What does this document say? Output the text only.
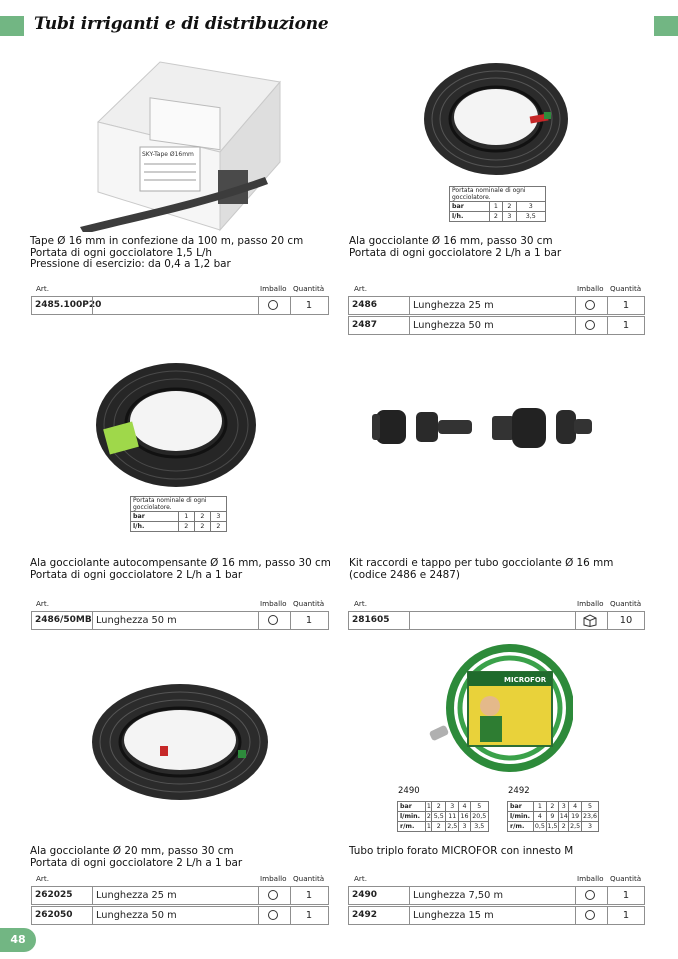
Tubi irriganti e di distribuzione
SKY-Tape Ø16mm
Tape Ø 16 mm in confezione da 100 m, passo 20 cm
Portata di ogni gocciolatore 1,5 L/h
Pressione di esercizio: da 0,4 a 1,2 bar
Art.	Imballo Quantità
2485.100P20	1
Portata nominale di ogni gocciolatore.			
bar	1	2	3
l/h.	2	3	3,5
Ala gocciolante Ø 16 mm, passo 30 cm
Portata di ogni gocciolatore 2 L/h a 1 bar
Art.	Imballo Quantità
2486	Lunghezza 25 m	1
2487	Lunghezza 50 m	1
Portata nominale di ogni gocciolatore.			
bar	1	2	3
l/h.	2	2	2
Ala gocciolante autocompensante Ø 16 mm, passo 30 cm
Portata di ogni gocciolatore 2 L/h a 1 bar
Art.	Imballo Quantità
2486/50MB Lunghezza 50 m	1
Kit raccordi e tappo per tubo gocciolante Ø 16 mm
(codice 2486 e 2487)
Art.	Imballo Quantità
281605	10
Ala gocciolante Ø 20 mm, passo 30 cm
Portata di ogni gocciolatore 2 L/h a 1 bar
Art.	Imballo Quantità
262025 Lunghezza 25 m	1
262050 Lunghezza 50 m	1
MICROFOR
2490	2492
bar	1	2	3	4	5
l/min.	2	5,5	11	16	20,5
r/m.	1	2	2,5	3	3,5
bar	1	2	3	4	5
l/min.	4	9	14	19	23,6
r/m.	0,5	1,5	2	2,5	3
Tubo triplo forato MICROFOR con innesto M
Art.	Imballo Quantità
2490	Lunghezza 7,50 m	1
2492	Lunghezza 15 m	1
48
